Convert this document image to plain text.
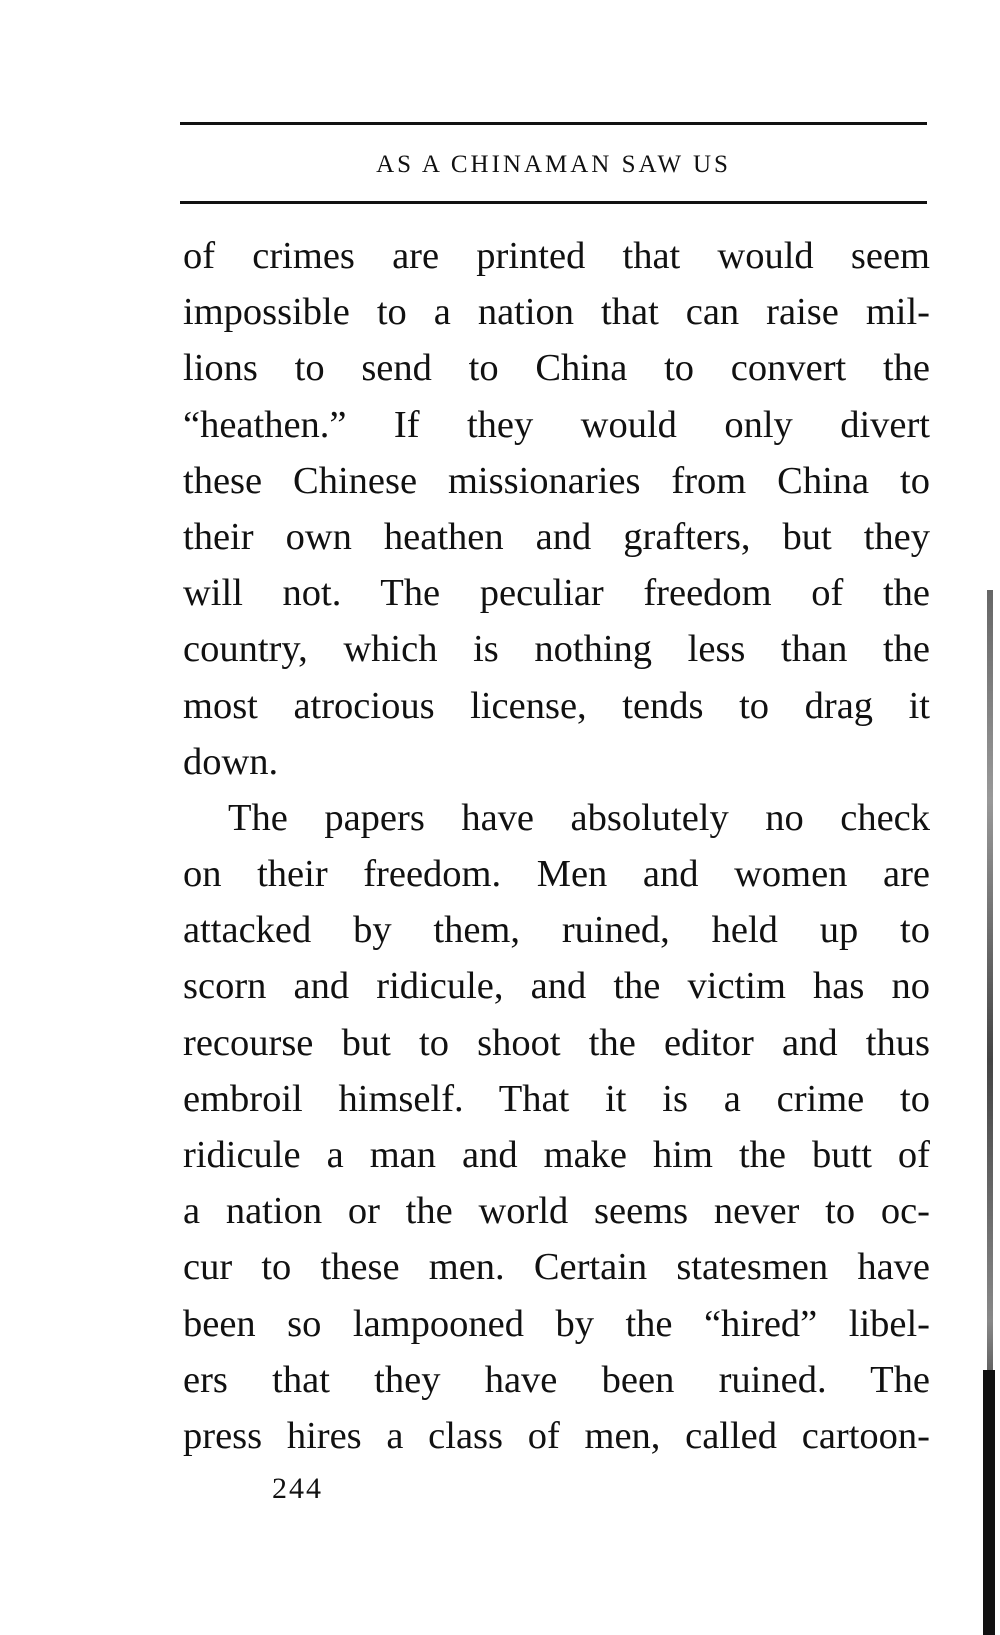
AS A CHINAMAN SAW US
of crimes are printed that would seem
impossible to a nation that can raise mil-
lions to send to China to convert the
“heathen.” If they would only divert
these Chinese missionaries from China to
their own heathen and grafters, but they
will not. The peculiar freedom of the
country, which is nothing less than the
most atrocious license, tends to drag it
down.
The papers have absolutely no check
on their freedom. Men and women are
attacked by them, ruined, held up to
scorn and ridicule, and the victim has no
recourse but to shoot the editor and thus
embroil himself. That it is a crime to
ridicule a man and make him the butt of
a nation or the world seems never to oc-
cur to these men. Certain statesmen have
been so lampooned by the “hired” libel-
ers that they have been ruined. The
press hires a class of men, called cartoon-
244
